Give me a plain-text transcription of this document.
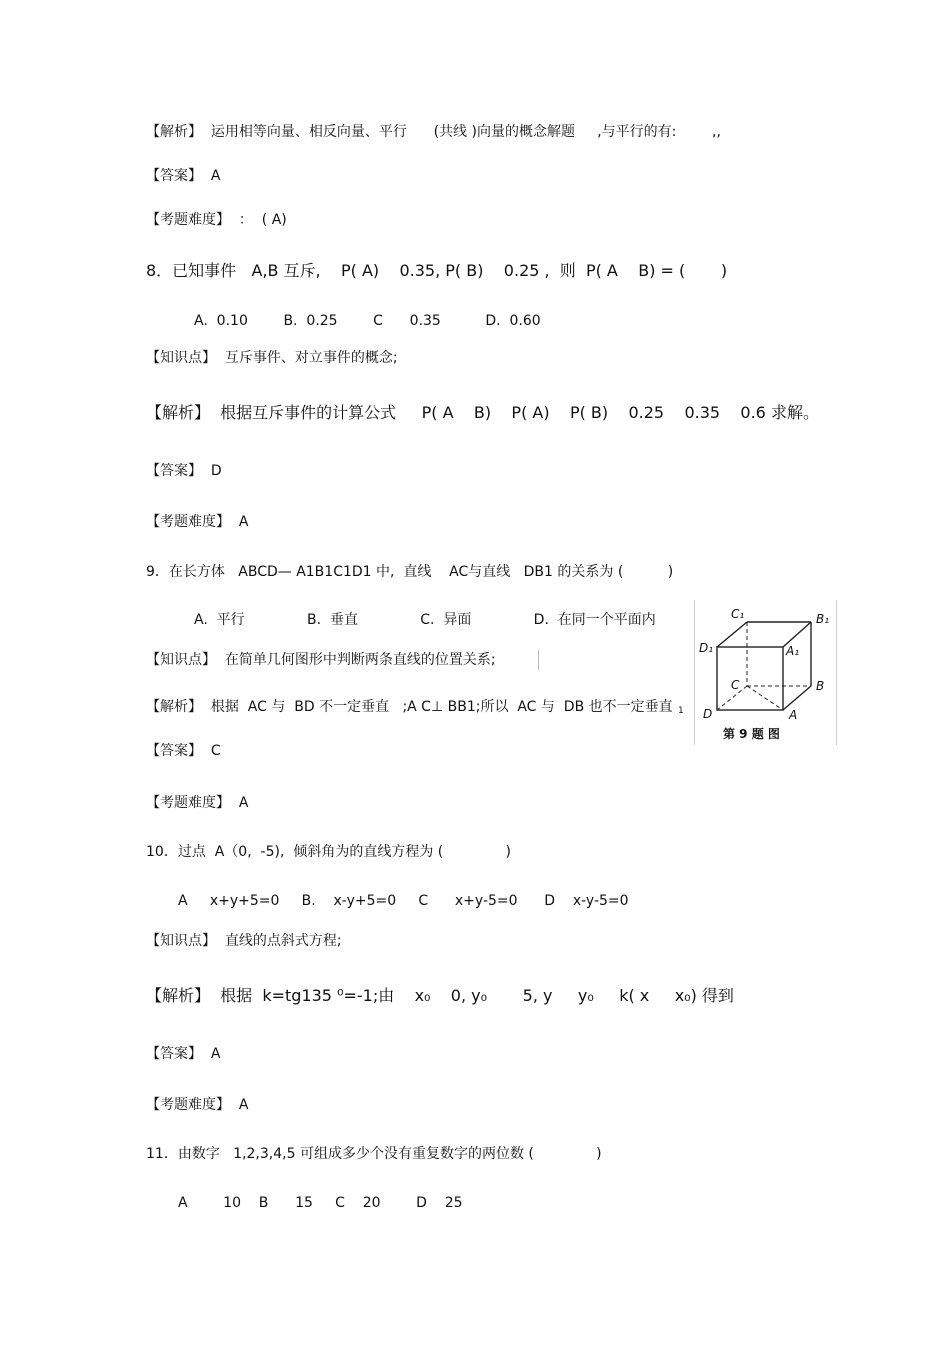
【解析】  运用相等向量、相反向量、平行      (共线 )向量的概念解题     ,与平行的有:        ,,
【答案】  A
【考题难度】  ：  ( A)
8．已知事件   A,B 互斥,    P( A)    0.35, P( B)    0.25 ,  则  P( A    B) = (       )
A.  0.10        B.  0.25        C      0.35          D.  0.60
【知识点】  互斥事件、对立事件的概念;
【解析】  根据互斥事件的计算公式     P( A    B)    P( A)    P( B)    0.25    0.35    0.6 求解。
【答案】  D
【考题难度】  A
9．在长方体   ABCD— A1B1C1D1 中,  直线    AC与直线   DB1 的关系为 (          )
A.  平行              B.  垂直              C.  异面              D.  在同一个平面内
【知识点】  在简单几何图形中判断两条直线的位置关系;
【解析】  根据  AC 与  BD 不一定垂直   ;A C⊥ BB1;所以  AC 与  DB 也不一定垂直 1
【答案】  C
【考题难度】  A
C₁	B₁
D₁	A₁
C	B
D	A
第 9 题 图
10．过点  A（0,  -5),  倾斜角为的直线方程为 (              )
A     x+y+5=0     B.    x-y+5=0     C      x+y-5=0      D    x-y-5=0
【知识点】  直线的点斜式方程;
【解析】  根据  k=tg135 ⁰=-1;由    x₀    0, y₀       5, y     y₀     k( x     x₀) 得到
【答案】  A
【考题难度】  A
11．由数字   1,2,3,4,5 可组成多少个没有重复数字的两位数 (              )
A        10    B      15     C    20        D    25
